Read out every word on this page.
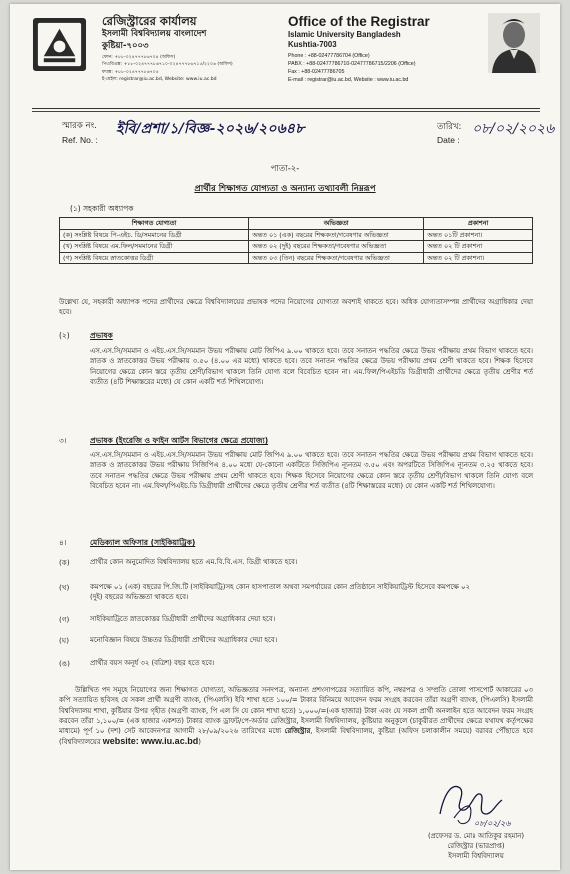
রেজিস্ট্রারের কার্যালয়
ইসলামী বিশ্ববিদ্যালয় বাংলাদেশ
কুষ্টিয়া-৭০০৩
ফোন: +৮৮-০২৪৭৭৭৮৬৭০৪ (অফিস)
পিএবিএক্স: +৮৮-০২৪৭৭৭৮৬৭১০-০২৪৭৭৭৮৬৭১৫/২২০৬ (অফিস)
ফ্যাক্স: +৮৮-০২৪৭৭৭৮৬৭০৫
ই-মেইল: registrar@iu.ac.bd, Website: www.iu.ac.bd
Office of the Registrar
Islamic University Bangladesh
Kushtia-7003
Phone : +88-02477786704 (Office)
PABX : +88-02477786710-02477786715/2206 (Office)
Fax : +88-02477786705
E-mail : registrar@iu.ac.bd, Website : www.iu.ac.bd
স্মারক নং.
Ref. No. :
ই‌বি/প্রশা/১/বিজ্ঞ-২০২৬/২০৬৪৮	তারিখ:
Date :
০৮/০২/২০২৬
পাতা-২-
প্রার্থীর শিক্ষাগত যোগ্যতা ও অন্যান্য তথ্যাবলী নিম্নরূপ
(১) সহকারী অধ্যাপক
শিক্ষাগত যোগ্যতা	অভিজ্ঞতা	প্রকাশনা
(ক) সংশ্লিষ্ট বিষয়ে পি-এইচ. ডি/সমমানের ডিগ্রী	অন্তত ০১ (এক) বছরের শিক্ষকতা/গবেষণার অভিজ্ঞতা	অন্তত ০১টি প্রকাশনা।
(খ) সংশ্লিষ্ট বিষয়ে এম.ফিল/সমমানের ডিগ্রী	অন্তত ০২ (দুই) বছরের শিক্ষকতা/গবেষণার অভিজ্ঞতা	অন্তত ০২ টি প্রকাশনা
(গ) সংশ্লিষ্ট বিষয়ে স্নাতকোত্তর ডিগ্রী	অন্তত ০৩ (তিন) বছরের শিক্ষকতা/গবেষণার অভিজ্ঞতা	অন্তত ০২ টি প্রকাশনা।
উল্লেখ্য যে, সহকারী অধ্যাপক পদের প্রার্থীদের ক্ষেত্রে বিশ্ববিদ্যালয়ের প্রভাষক পদের নিয়োগের যোগ্যতা অবশ্যই থাকতে হবে। অধিক যোগ্যতাসম্পন্ন প্রার্থীদের অগ্রাধিকার দেয়া হবে।
(২)	প্রভাষক
এস.এস.সি/সমমান ও এইচ.এস.সি/সমমান উভয় পরীক্ষায় মোট জিপিএ ৯.০০ থাকতে হবে। তবে সনাতন পদ্ধতির ক্ষেত্রে উভয় পরীক্ষায় প্রথম বিভাগ থাকতে হবে। স্নাতক ও স্নাতকোত্তর উভয় পরীক্ষায় ৩.৫০ (৪.০০ এর মধ্যে) থাকতে হবে। তবে সনাতন পদ্ধতির ক্ষেত্রে উভয় পরীক্ষায় প্রথম শ্রেণী থাকতে হবে। শিক্ষক হিসেবে নিয়োগের ক্ষেত্রে কোন স্তরে তৃতীয় শ্রেণী/বিভাগ থাকলে তিনি যোগ্য বলে বিবেচিত হবেন না। এম.ফিল/পিএইচডি ডিগ্রীধারী প্রার্থীদের ক্ষেত্রে তৃতীয় শ্রেণীর শর্ত ব্যতীত (৪টি শিক্ষাস্তরের মধ্যে) যে কোন একটি শর্ত শিথিলযোগ্য।
৩।	প্রভাষক (ইংরেজি ও ফাইন আর্টস বিভাগের ক্ষেত্রে প্রযোজ্য)
এস.এস.সি/সমমান ও এইচ.এস.সি/সমমান উভয় পরীক্ষায় মোট জিপিএ ৯.০০ থাকতে হবে। তবে সনাতন পদ্ধতির ক্ষেত্রে উভয় পরীক্ষায় প্রথম বিভাগ থাকতে হবে। স্নাতক ও স্নাতকোত্তর উভয় পরীক্ষায় সিজিপিএ ৪.০০ মধ্যে যে-কোনো একটিতে সিজিপিএ ন্যূনতম ৩.৫০ এবং অপরটিতে সিজিপিএ ন্যূনতম ৩.২৫ থাকতে হবে। তবে সনাতন পদ্ধতির ক্ষেত্রে উভয় পরীক্ষায় প্রথম শ্রেণী থাকতে হবে। শিক্ষক হিসেবে নিয়োগের ক্ষেত্রে কোন স্তরে তৃতীয় শ্রেণী/বিভাগ থাকলে তিনি যোগ্য বলে বিবেচিত হবেন না। এম.ফিল/পিএইচ.ডি ডিগ্রীধারী প্রার্থীদের ক্ষেত্রে তৃতীয় শ্রেণীর শর্ত ব্যতীত (৪টি শিক্ষাস্তরের মধ্যে) যে কোন একটি শর্ত শিথিলযোগ্য।
৪।	মেডিক্যাল অফিসার (সাইকিয়াট্রিক)
(ক)	প্রার্থীর কোন অনুমোদিত বিশ্ববিদ্যালয় হতে এম.বি.বি.এস. ডিগ্রী থাকতে হবে।
(খ)	কমপক্ষে ০১ (এক) বছরের পি.জি.টি (সাইকিয়াট্রি)সহ কোন হাসপাতাল অথবা সমপর্যায়ের কোন প্রতিষ্ঠানে সাইকিয়াট্রিস্ট হিসেবে কমপক্ষে ০২ (দুই) বছরের অভিজ্ঞতা থাকতে হবে।
(গ)	সাইকিয়াট্রিতে স্নাতকোত্তর ডিগ্রীধারী প্রার্থীদের অগ্রাধিকার দেয়া হবে।
(ঘ)	মনোবিজ্ঞান বিষয়ে উচ্চতর ডিগ্রীধারী প্রার্থীদের অগ্রাধিকার দেয়া হবে।
(ঙ)	প্রার্থীর বয়স অনূর্ধ ৩২ (বত্রিশ) বছর হতে হবে।
উল্লিখিত পদ সমূহে নিয়োগের জন্য শিক্ষাগত যোগ্যতা, অভিজ্ঞতার সনদপত্র, অন্যান্য প্রশংসাপত্রের সত্যায়িত কপি, নম্বরপত্র ও সম্প্রতি তোলা পাসপোর্ট আকারের ০৩ কপি সত্যায়িত ছবিসহ যে সকল প্রার্থী অগ্রণী ব্যাংক, (পিএলসি) ইবি শাখা হতে ১০০/= টাকার বিনিময়ে আবেদন ফরম সংগ্রহ করবেন তাঁরা অগ্রণী ব্যাংক, (পিএলসি) ইসলামী বিশ্ববিদ্যালয় শাখা, কুষ্টিয়ার উপর গৃহীত (অগ্রণী ব্যাংক, পি এল সি যে কোন শাখা হতে) ১,০০০/=(এক হাজার) টাকা এবং যে সকল প্রার্থী অনলাইন হতে আবেদন ফরম সংগ্রহ করবেন তাঁরা ১,১০০/= (এক হাজার একশত) টাকার ব্যাংক ড্রাফট/পে-অর্ডার রেজিস্ট্রার, ইসলামী বিশ্ববিদ্যালয়, কুষ্টিয়ার অনুকূলে (চাকুরীরত প্রার্থীদের ক্ষেত্রে যথাযথ কর্তৃপক্ষের মাধ্যমে) পূর্ণ ১০ (দশ) সেট আবেদনপত্র আগামী ২৮/০৯/২০২৬ তারিখের মধ্যে রেজিস্ট্রার, ইসলামী বিশ্ববিদ্যালয়, কুষ্টিয়া (অফিস চলাকালীন সময়ে) বরাবর পৌঁছাতে হবে (বিশ্ববিদ্যালয়ের website: www.iu.ac.bd)
০৮/০২/২৬
(প্রফেসর ড. মোঃ আতিকুর রহমান)
রেজিস্ট্রার (ভারপ্রাপ্ত)
ইসলামী বিশ্ববিদ্যালয়
